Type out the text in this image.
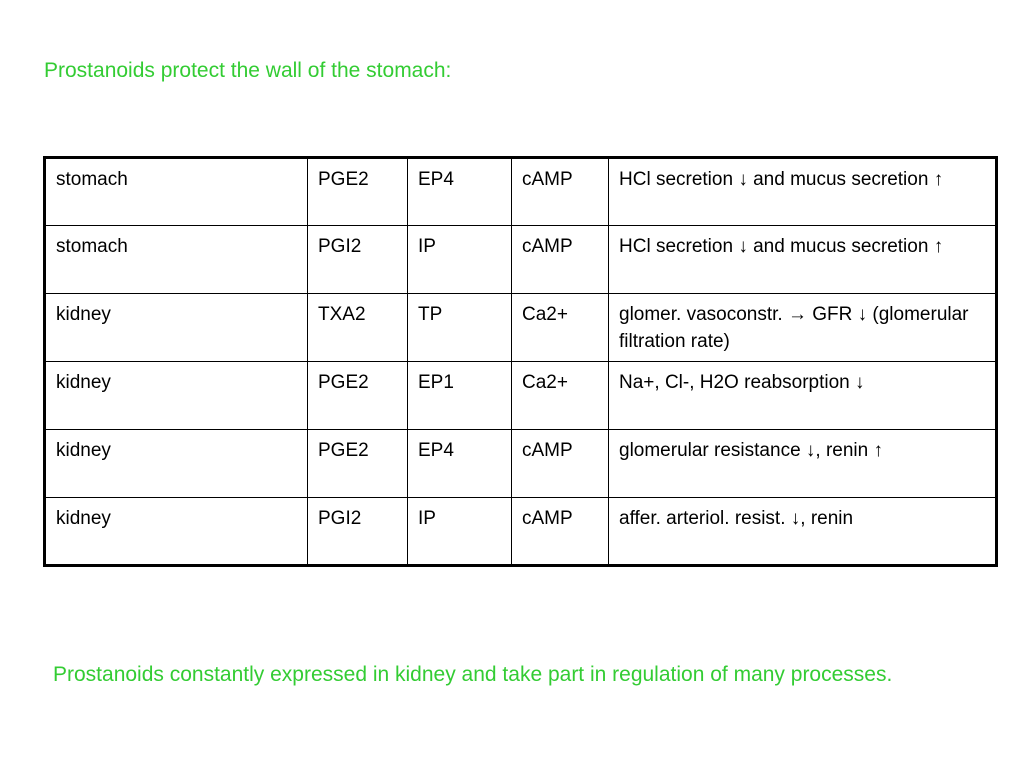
Prostanoids protect the wall of the stomach:
stomach	PGE2	EP4	cAMP	HCl secretion ↓ and mucus secretion ↑
stomach	PGI2	IP	cAMP	HCl secretion ↓ and mucus secretion ↑
kidney	TXA2	TP	Ca2+	glomer. vasoconstr. → GFR ↓ (glomerular filtration rate)
kidney	PGE2	EP1	Ca2+	Na+, Cl-, H2O reabsorption ↓
kidney	PGE2	EP4	cAMP	glomerular resistance ↓, renin ↑
kidney	PGI2	IP	cAMP	affer. arteriol. resist. ↓, renin
Prostanoids constantly expressed in kidney and take part in regulation of many processes.
